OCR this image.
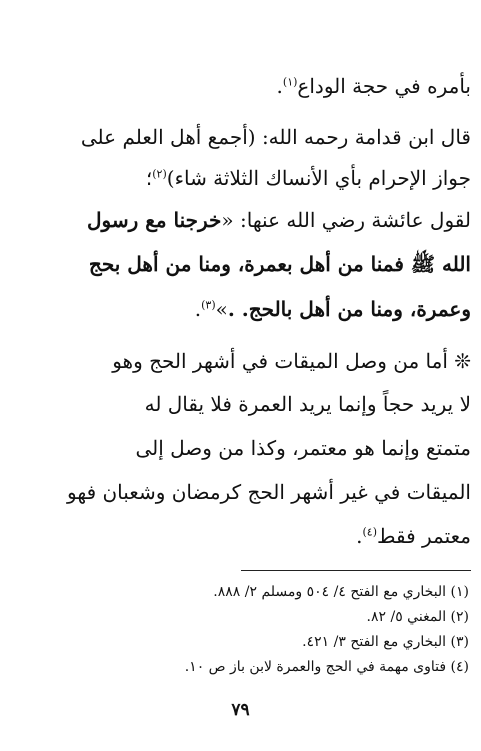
بأمره في حجة الوداع$^{(١)}$.
قال ابن قدامة رحمه الله: (أجمع أهل العلم على
جواز الإحرام بأي الأنساك الثلاثة شاء)$^{(٢)}$؛
لقول عائشة رضي الله عنها: «خرجنا مع رسول
الله ﷺ فمنا من أهل بعمرة، ومنا من أهل بحج
وعمرة، ومنا من أهل بالحج. .»$^{(٣)}$.
❊ أما من وصل الميقات في أشهر الحج وهو
لا يريد حجاً وإنما يريد العمرة فلا يقال له
متمتع وإنما هو معتمر، وكذا من وصل إلى
الميقات في غير أشهر الحج كرمضان وشعبان فهو
معتمر فقط$^{(٤)}$.
(١) البخاري مع الفتح ٤/ ٥٠٤ ومسلم ٢/ ٨٨٨.
(٢) المغني ٥/ ٨٢.
(٣) البخاري مع الفتح ٣/ ٤٢١.
(٤) فتاوى مهمة في الحج والعمرة لابن باز ص ١٠.
٧٩
